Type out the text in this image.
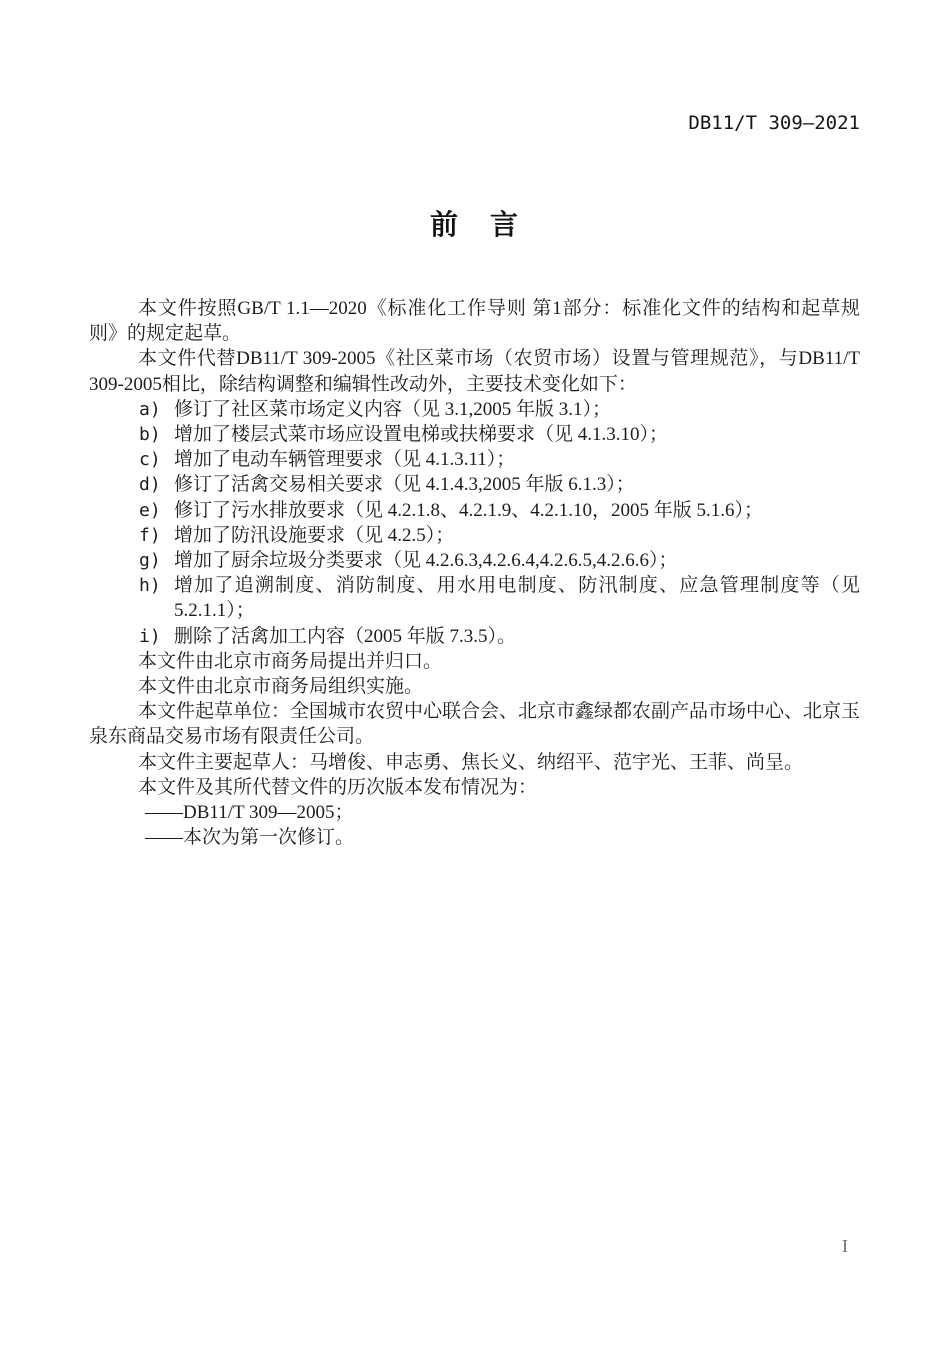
DB11/T 309—2021
前　言

本文件按照GB/T 1.1—2020《标准化工作导则 第1部分：标准化文件的结构和起草规则》的规定起草。

本文件代替DB11/T 309-2005《社区菜市场（农贸市场）设置与管理规范》，与DB11/T 309-2005相比，除结构调整和编辑性改动外，主要技术变化如下：

a) 修订了社区菜市场定义内容（见 3.1,2005 年版 3.1）；

b) 增加了楼层式菜市场应设置电梯或扶梯要求（见 4.1.3.10）；

c) 增加了电动车辆管理要求（见 4.1.3.11）；

d) 修订了活禽交易相关要求（见 4.1.4.3,2005 年版 6.1.3）；

e) 修订了污水排放要求（见 4.2.1.8、4.2.1.9、4.2.1.10，2005 年版 5.1.6）；

f) 增加了防汛设施要求（见 4.2.5）；

g) 增加了厨余垃圾分类要求（见 4.2.6.3,4.2.6.4,4.2.6.5,4.2.6.6）；

h) 增加了追溯制度、消防制度、用水用电制度、防汛制度、应急管理制度等（见 5.2.1.1）；

i) 删除了活禽加工内容（2005 年版 7.3.5）。

本文件由北京市商务局提出并归口。

本文件由北京市商务局组织实施。

本文件起草单位：全国城市农贸中心联合会、北京市鑫绿都农副产品市场中心、北京玉泉东商品交易市场有限责任公司。

本文件主要起草人：马增俊、申志勇、焦长义、纳绍平、范宇光、王菲、尚呈。

本文件及其所代替文件的历次版本发布情况为：

——DB11/T 309—2005；

——本次为第一次修订。

I
